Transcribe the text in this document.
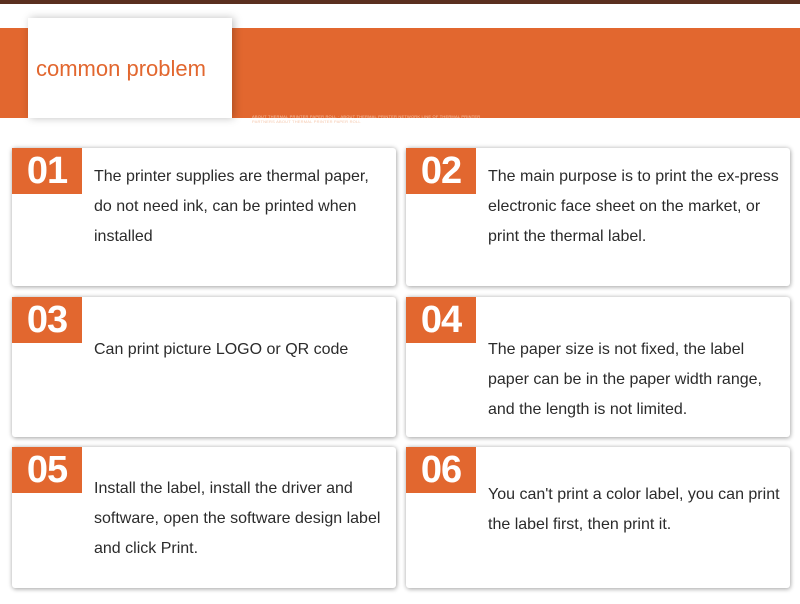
ABOUT THERMAL PRINTER PAPER ROLL · ABOUT THERMAL PRINTER NETWORK LINE OF THERMAL PRINTER PARTNERS ABOUT THERMAL PRINTER PAPER ROLL
common problem
01	The printer supplies are thermal paper, do not need ink, can be printed when installed
02	The main purpose is to print the ex-press electronic face sheet on the market, or print the thermal label.
03
Can print picture LOGO or QR code
04
The paper size is not fixed, the label paper can be in the paper width range, and the length is not limited.
05	Install the label, install the driver and software, open the software design label and click Print.
06
You can't print a color label, you can print the label first, then print it.
